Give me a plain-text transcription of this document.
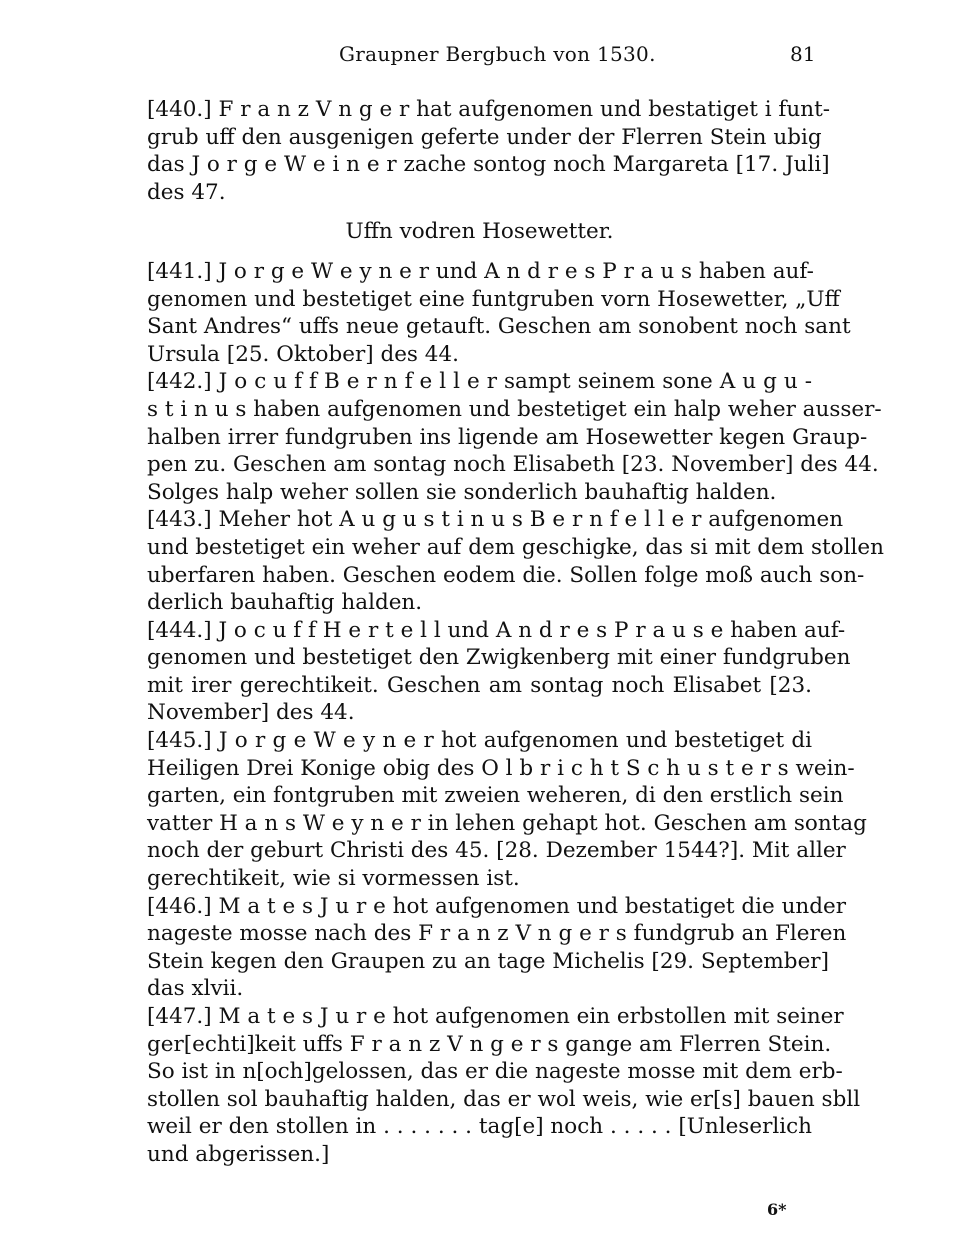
Graupner Bergbuch von 1530.	81
[440.] F r a n z V n g e r hat aufgenomen und bestatiget i funt-
grub uff den ausgenigen geferte under der Flerren Stein ubig
das J o r g e W e i n e r zache sontog noch Margareta [17. Juli]
des 47.
Uffn vodren Hosewetter.
[441.] J o r g e W e y n e r und A n d r e s P r a u s haben auf-
genomen und bestetiget eine funtgruben vorn Hosewetter, „Uff
Sant Andres“ uffs neue getauft. Geschen am sonobent noch sant
Ursula [25. Oktober] des 44.
[442.] J o c u f f B e r n f e l l e r sampt seinem sone A u g u -
s t i n u s haben aufgenomen und bestetiget ein halp weher ausser-
halben irrer fundgruben ins ligende am Hosewetter kegen Graup-
pen zu. Geschen am sontag noch Elisabeth [23. November] des 44.
Solges halp weher sollen sie sonderlich bauhaftig halden.
[443.] Meher hot A u g u s t i n u s B e r n f e l l e r aufgenomen
und bestetiget ein weher auf dem geschigke, das si mit dem stollen
uberfaren haben. Geschen eodem die. Sollen folge moß auch son-
derlich bauhaftig halden.
[444.] J o c u f f H e r t e l l und A n d r e s P r a u s e haben auf-
genomen und bestetiget den Zwigkenberg mit einer fundgruben
mit irer gerechtikeit. Geschen am sontag noch Elisabet [23.
November] des 44.
[445.] J o r g e W e y n e r hot aufgenomen und bestetiget di
Heiligen Drei Konige obig des O l b r i c h t S c h u s t e r s wein-
garten, ein fontgruben mit zweien weheren, di den erstlich sein
vatter H a n s W e y n e r in lehen gehapt hot. Geschen am sontag
noch der geburt Christi des 45. [28. Dezember 1544?]. Mit aller
gerechtikeit, wie si vormessen ist.
[446.] M a t e s J u r e hot aufgenomen und bestatiget die under
nageste mosse nach des F r a n z V n g e r s fundgrub an Fleren
Stein kegen den Graupen zu an tage Michelis [29. September]
das xlvii.
[447.] M a t e s J u r e hot aufgenomen ein erbstollen mit seiner
ger[echti]keit uffs F r a n z V n g e r s gange am Flerren Stein.
So ist in n[och]gelossen, das er die nageste mosse mit dem erb-
stollen sol bauhaftig halden, das er wol weis, wie er[s] bauen sbll
weil er den stollen in . . . . . . . tag[e] noch . . . . . [Unleserlich
und abgerissen.]
6*
